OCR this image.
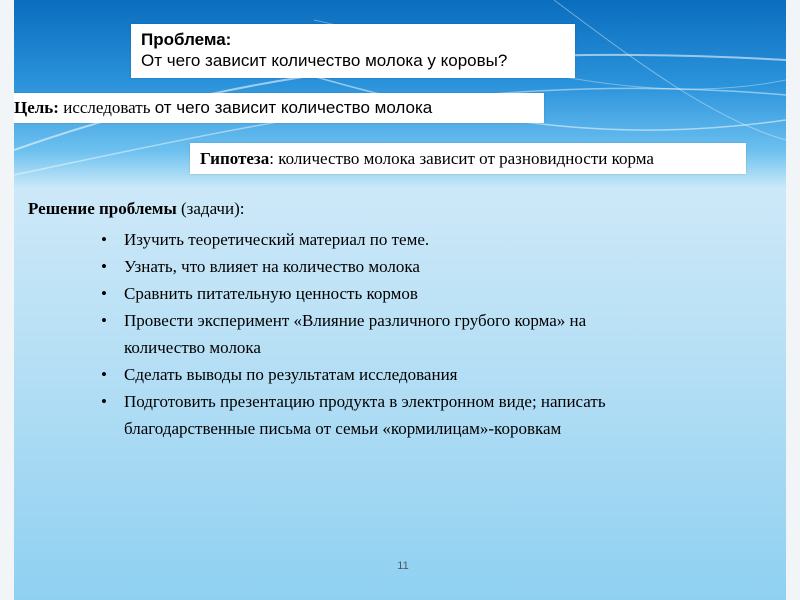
Проблема:
От чего зависит количество молока у коровы?
Цель: исследовать от чего зависит количество молока
Гипотеза: количество молока зависит от разновидности корма
Решение проблемы (задачи):
• Изучить теоретический материал по теме.
• Узнать, что влияет на количество молока
• Сравнить питательную ценность кормов
• Провести эксперимент «Влияние различного грубого корма» на
количество молока
• Сделать выводы по результатам исследования
• Подготовить презентацию продукта в электронном виде; написать
благодарственные письма от семьи «кормилицам»-коровкам
11
